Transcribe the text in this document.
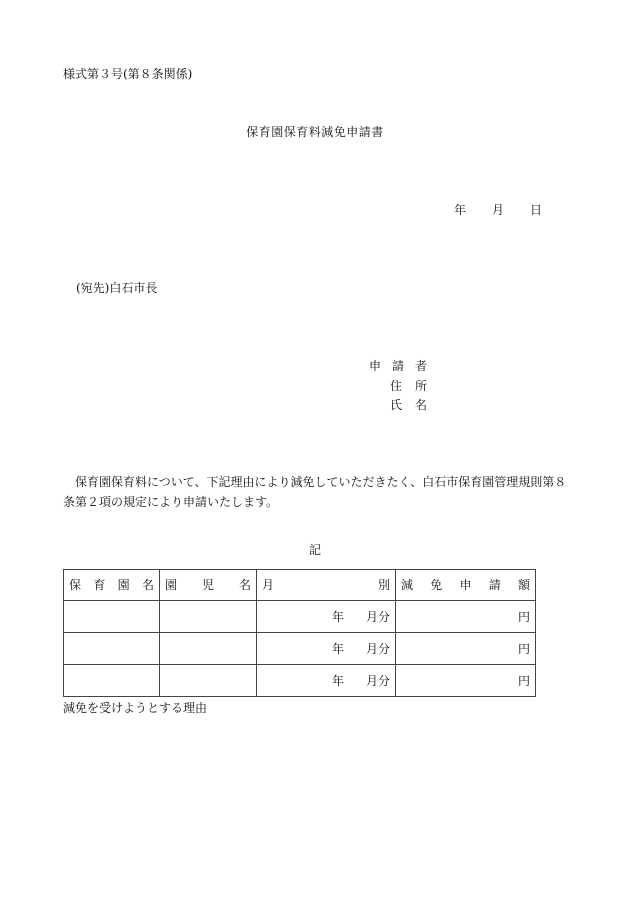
様式第３号(第８条関係)
保育園保育料減免申請書
年 月 日
(宛先)白石市長
申 請 者
住 所
氏 名
保育園保育料について、下記理由により減免していただきたく、白石市保育園管理規則第８条第２項の規定により申請いたします。
記
保 育 園 名	園 児 名	月 別	減 免 申 請 額

		年 月分	円
		年 月分	円
		年 月分	円
減免を受けようとする理由
